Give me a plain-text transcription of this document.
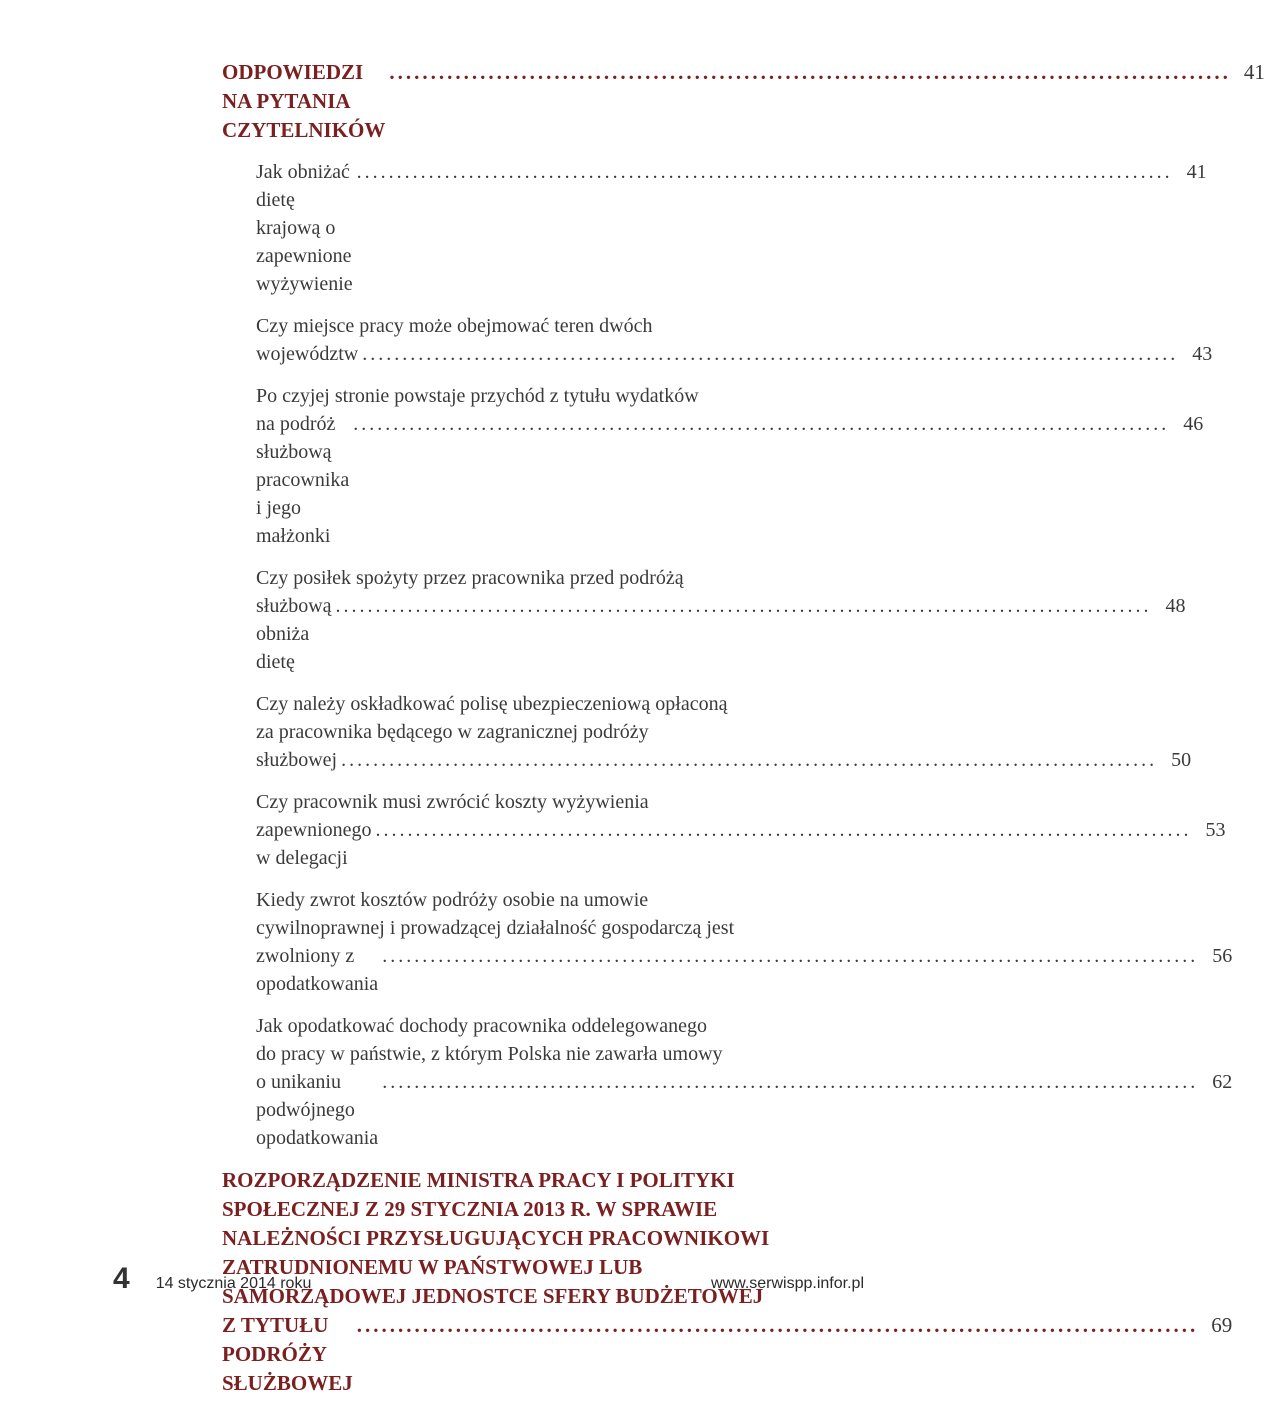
ODPOWIEDZI NA PYTANIA CZYTELNIKÓW
...................................................................................................... 41
Jak obniżać dietę krajową o zapewnione wyżywienie
...................................................................................................... 41
Czy miejsce pracy może obejmować teren dwóch
województw ...................................................................................................... 43
Po czyjej stronie powstaje przychód z tytułu wydatków
na podróż służbową pracownika i jego małżonki
...................................................................................................... 46
Czy posiłek spożyty przez pracownika przed podróżą
służbową obniża dietę
...................................................................................................... 48
Czy należy oskładkować polisę ubezpieczeniową opłaconą
za pracownika będącego w zagranicznej podróży
służbowej ...................................................................................................... 50
Czy pracownik musi zwrócić koszty wyżywienia
zapewnionego w delegacji
...................................................................................................... 53
Kiedy zwrot kosztów podróży osobie na umowie
cywilnoprawnej i prowadzącej działalność gospodarczą jest
zwolniony z opodatkowania
...................................................................................................... 56
Jak opodatkować dochody pracownika oddelegowanego
do pracy w państwie, z którym Polska nie zawarła umowy
o unikaniu podwójnego opodatkowania
...................................................................................................... 62
ROZPORZĄDZENIE MINISTRA PRACY I POLITYKI
SPOŁECZNEJ Z 29 STYCZNIA 2013 R. W SPRAWIE
NALEŻNOŚCI PRZYSŁUGUJĄCYCH PRACOWNIKOWI
ZATRUDNIONEMU W PAŃSTWOWEJ LUB
SAMORZĄDOWEJ JEDNOSTCE SFERY BUDŻETOWEJ
Z TYTUŁU PODRÓŻY SŁUŻBOWEJ
...................................................................................................... 69
4 14 stycznia 2014 roku	www.serwispp.infor.pl
